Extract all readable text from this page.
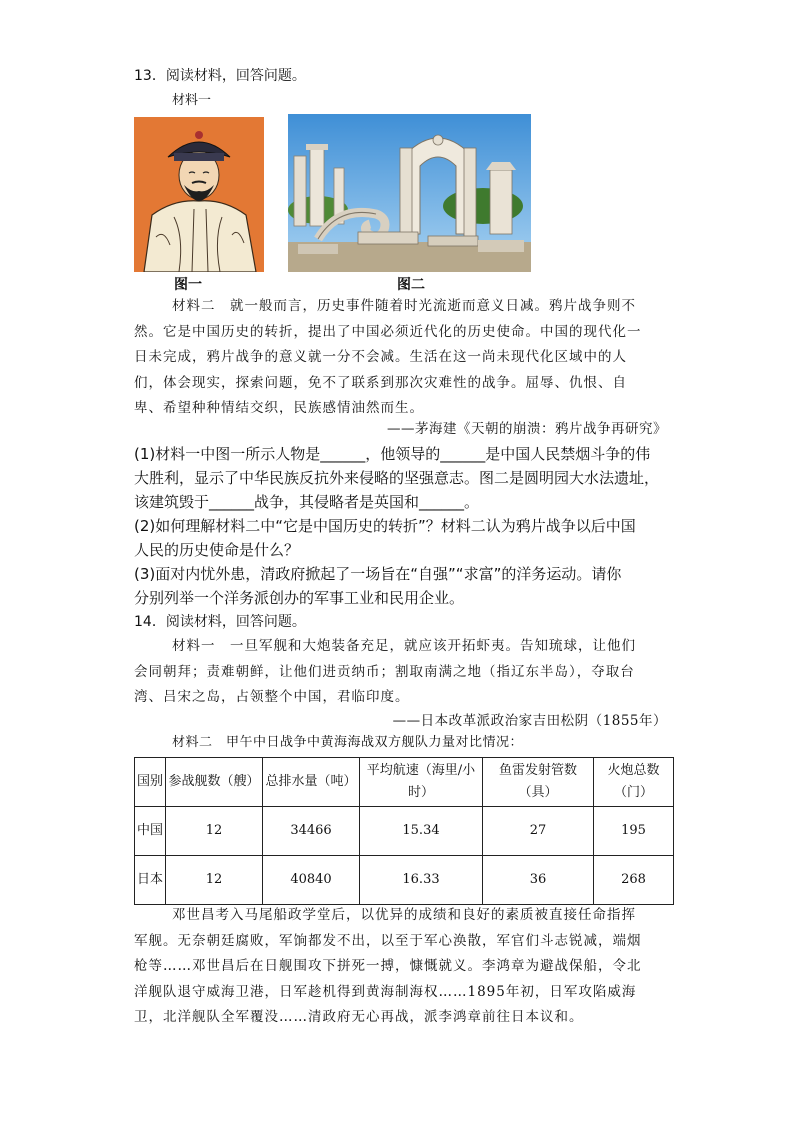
13．阅读材料，回答问题。
材料一
图一	图二
材料二　就一般而言，历史事件随着时光流逝而意义日减。鸦片战争则不
然。它是中国历史的转折，提出了中国必须近代化的历史使命。中国的现代化一
日未完成，鸦片战争的意义就一分不会减。生活在这一尚未现代化区域中的人
们，体会现实，探索问题，免不了联系到那次灾难性的战争。屈辱、仇恨、自
卑、希望种种情结交织，民族感情油然而生。
——茅海建《天朝的崩溃：鸦片战争再研究》
(1)材料一中图一所示人物是______，他领导的______是中国人民禁烟斗争的伟
大胜利，显示了中华民族反抗外来侵略的坚强意志。图二是圆明园大水法遗址，
该建筑毁于______战争，其侵略者是英国和______。
(2)如何理解材料二中“它是中国历史的转折”？材料二认为鸦片战争以后中国
人民的历史使命是什么？
(3)面对内忧外患，清政府掀起了一场旨在“自强”“求富”的洋务运动。请你
分别列举一个洋务派创办的军事工业和民用企业。
14．阅读材料，回答问题。
材料一　一旦军舰和大炮装备充足，就应该开拓虾夷。告知琉球，让他们
会同朝拜；责难朝鲜，让他们进贡纳币；割取南满之地（指辽东半岛），夺取台
湾、吕宋之岛，占领整个中国，君临印度。
——日本改革派政治家吉田松阴（1855年）
材料二　甲午中日战争中黄海海战双方舰队力量对比情况：
国别	参战舰数（艘）	总排水量（吨）	平均航速（海里/小时）	鱼雷发射管数（具）	火炮总数（门）
中国	12	34466	15.34	27	195
日本	12	40840	16.33	36	268
邓世昌考入马尾船政学堂后，以优异的成绩和良好的素质被直接任命指挥
军舰。无奈朝廷腐败，军饷都发不出，以至于军心涣散，军官们斗志锐减，端烟
枪等……邓世昌后在日舰围攻下拼死一搏，慷慨就义。李鸿章为避战保船，令北
洋舰队退守威海卫港，日军趁机得到黄海制海权……1895年初，日军攻陷威海
卫，北洋舰队全军覆没……清政府无心再战，派李鸿章前往日本议和。
